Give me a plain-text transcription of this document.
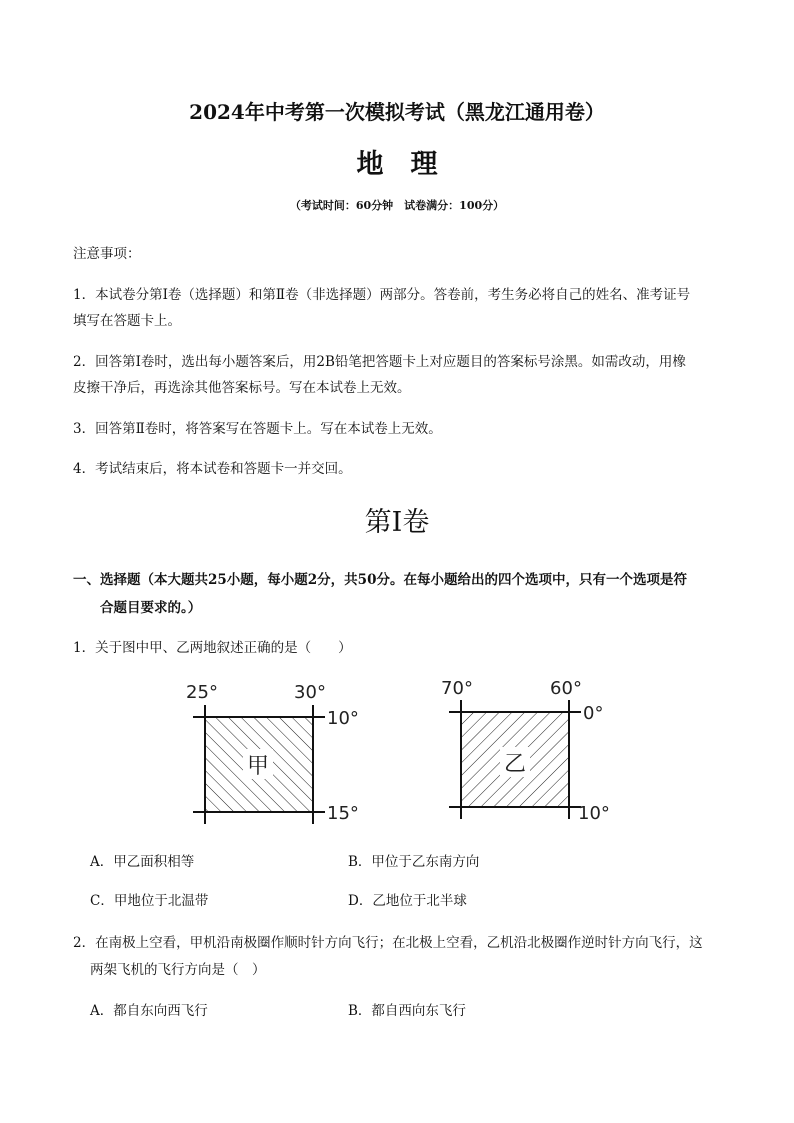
2024年中考第一次模拟考试（黑龙江通用卷）
地　理
（考试时间：60分钟　试卷满分：100分）
注意事项：
1．本试卷分第Ⅰ卷（选择题）和第Ⅱ卷（非选择题）两部分。答卷前，考生务必将自己的姓名、准考证号
填写在答题卡上。
2．回答第Ⅰ卷时，选出每小题答案后，用2B铅笔把答题卡上对应题目的答案标号涂黑。如需改动，用橡
皮擦干净后，再选涂其他答案标号。写在本试卷上无效。
3．回答第Ⅱ卷时，将答案写在答题卡上。写在本试卷上无效。
4．考试结束后，将本试卷和答题卡一并交回。
第Ⅰ卷
一、选择题（本大题共25小题，每小题2分，共50分。在每小题给出的四个选项中，只有一个选项是符
合题目要求的。）
1．关于图中甲、乙两地叙述正确的是（　　）
甲
25°	30°
10°
15°
乙
70°	60°
0°
10°
A．甲乙面积相等	B．甲位于乙东南方向
C．甲地位于北温带	D．乙地位于北半球
2．在南极上空看，甲机沿南极圈作顺时针方向飞行；在北极上空看，乙机沿北极圈作逆时针方向飞行，这
两架飞机的飞行方向是（　）
A．都自东向西飞行	B．都自西向东飞行
